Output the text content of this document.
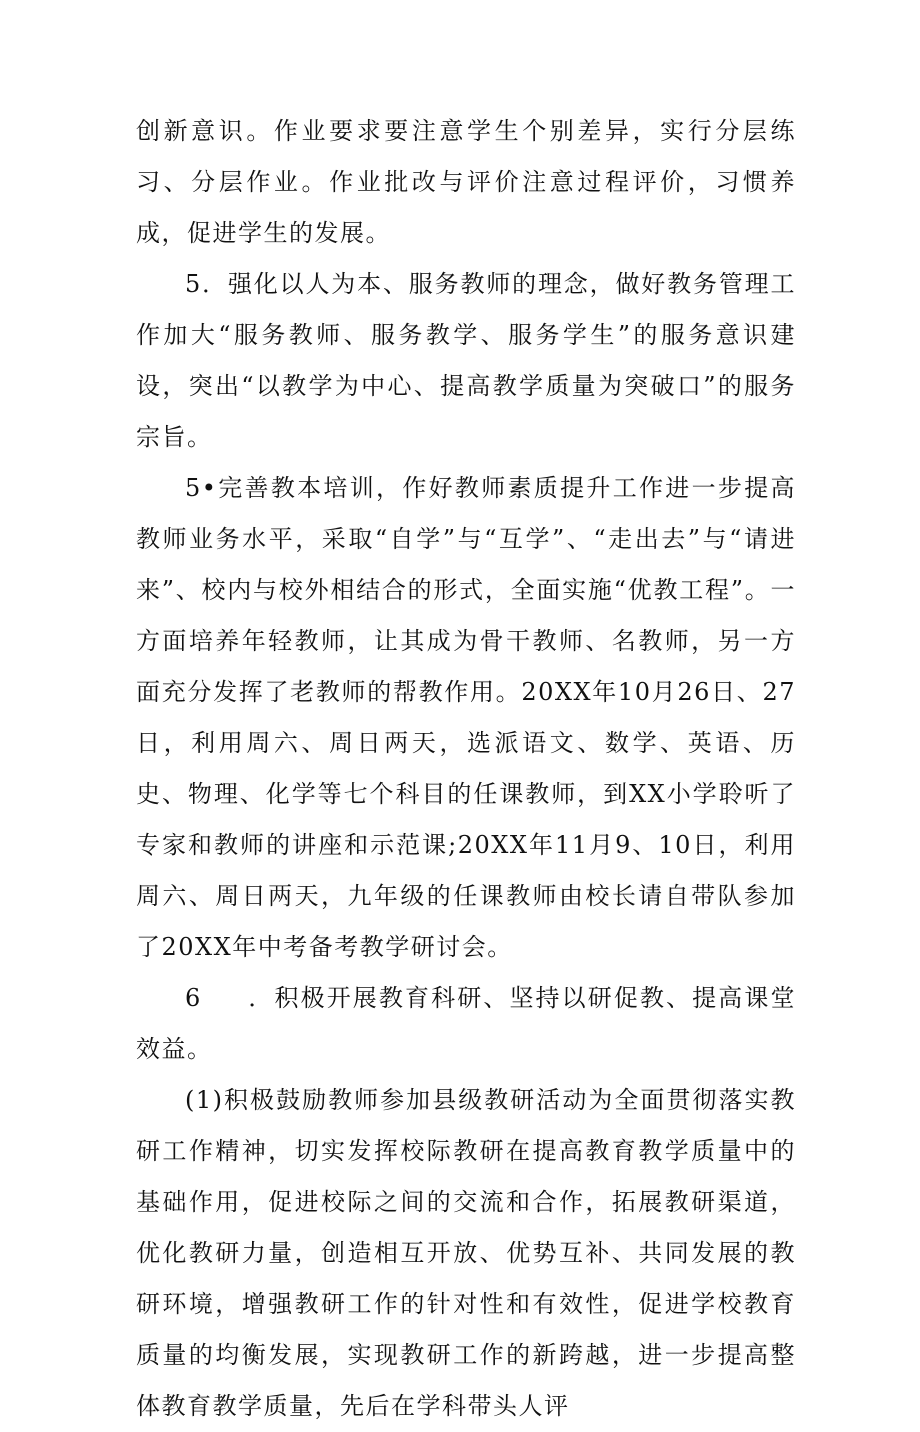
创新意识。作业要求要注意学生个别差异，实行分层练习、分层作业。作业批改与评价注意过程评价，习惯养成，促进学生的发展。

5．强化以人为本、服务教师的理念，做好教务管理工作加大“服务教师、服务教学、服务学生”的服务意识建设，突出“以教学为中心、提高教学质量为突破口”的服务宗旨。

5•完善教本培训，作好教师素质提升工作进一步提高教师业务水平，采取“自学”与“互学”、“走出去”与“请进来”、校内与校外相结合的形式，全面实施“优教工程”。一方面培养年轻教师，让其成为骨干教师、名教师，另一方面充分发挥了老教师的帮教作用。20XX年10月26日、27日，利用周六、周日两天，选派语文、数学、英语、历史、物理、化学等七个科目的任课教师，到XX小学聆听了专家和教师的讲座和示范课;20XX年11月9、10日，利用周六、周日两天，九年级的任课教师由校长请自带队参加了20XX年中考备考教学研讨会。

6 ．积极开展教育科研、坚持以研促教、提高课堂效益。

(1)积极鼓励教师参加县级教研活动为全面贯彻落实教研工作精神，切实发挥校际教研在提高教育教学质量中的基础作用，促进校际之间的交流和合作，拓展教研渠道，优化教研力量，创造相互开放、优势互补、共同发展的教研环境，增强教研工作的针对性和有效性，促进学校教育质量的均衡发展，实现教研工作的新跨越，进一步提高整体教育教学质量，先后在学科带头人评
